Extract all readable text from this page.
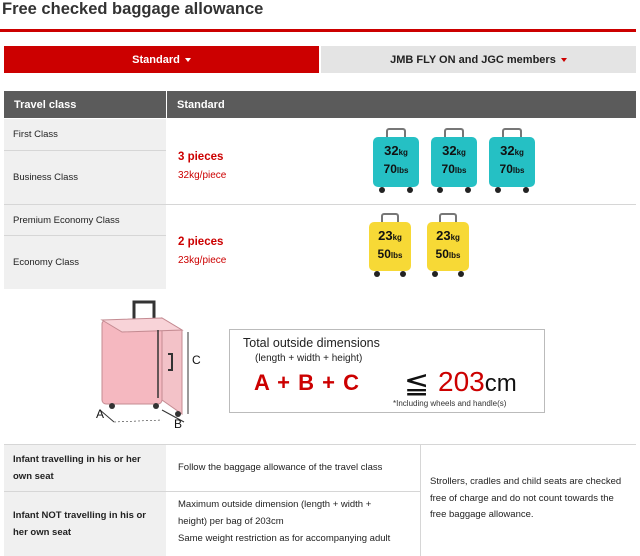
Free checked baggage allowance
Standard	JMB FLY ON and JGC members
Travel class	Standard
First Class
Business Class
3 pieces
32kg/piece
32kg
70lbs
32kg
70lbs
32kg
70lbs
Premium Economy Class
Economy Class
2 pieces
23kg/piece
23kg
50lbs
23kg
50lbs
C
A
B
Total outside dimensions
(length + width + height)
A + B + C ≦ 203cm
*Including wheels and handle(s)
Infant travelling in his or her own seat
Follow the baggage allowance of the travel class
Infant NOT travelling in his or her own seat
Maximum outside dimension (length + width +
height) per bag of 203cm
Same weight restriction as for accompanying adult
Strollers, cradles and child seats are checked free of charge and do not count towards the free baggage allowance.
